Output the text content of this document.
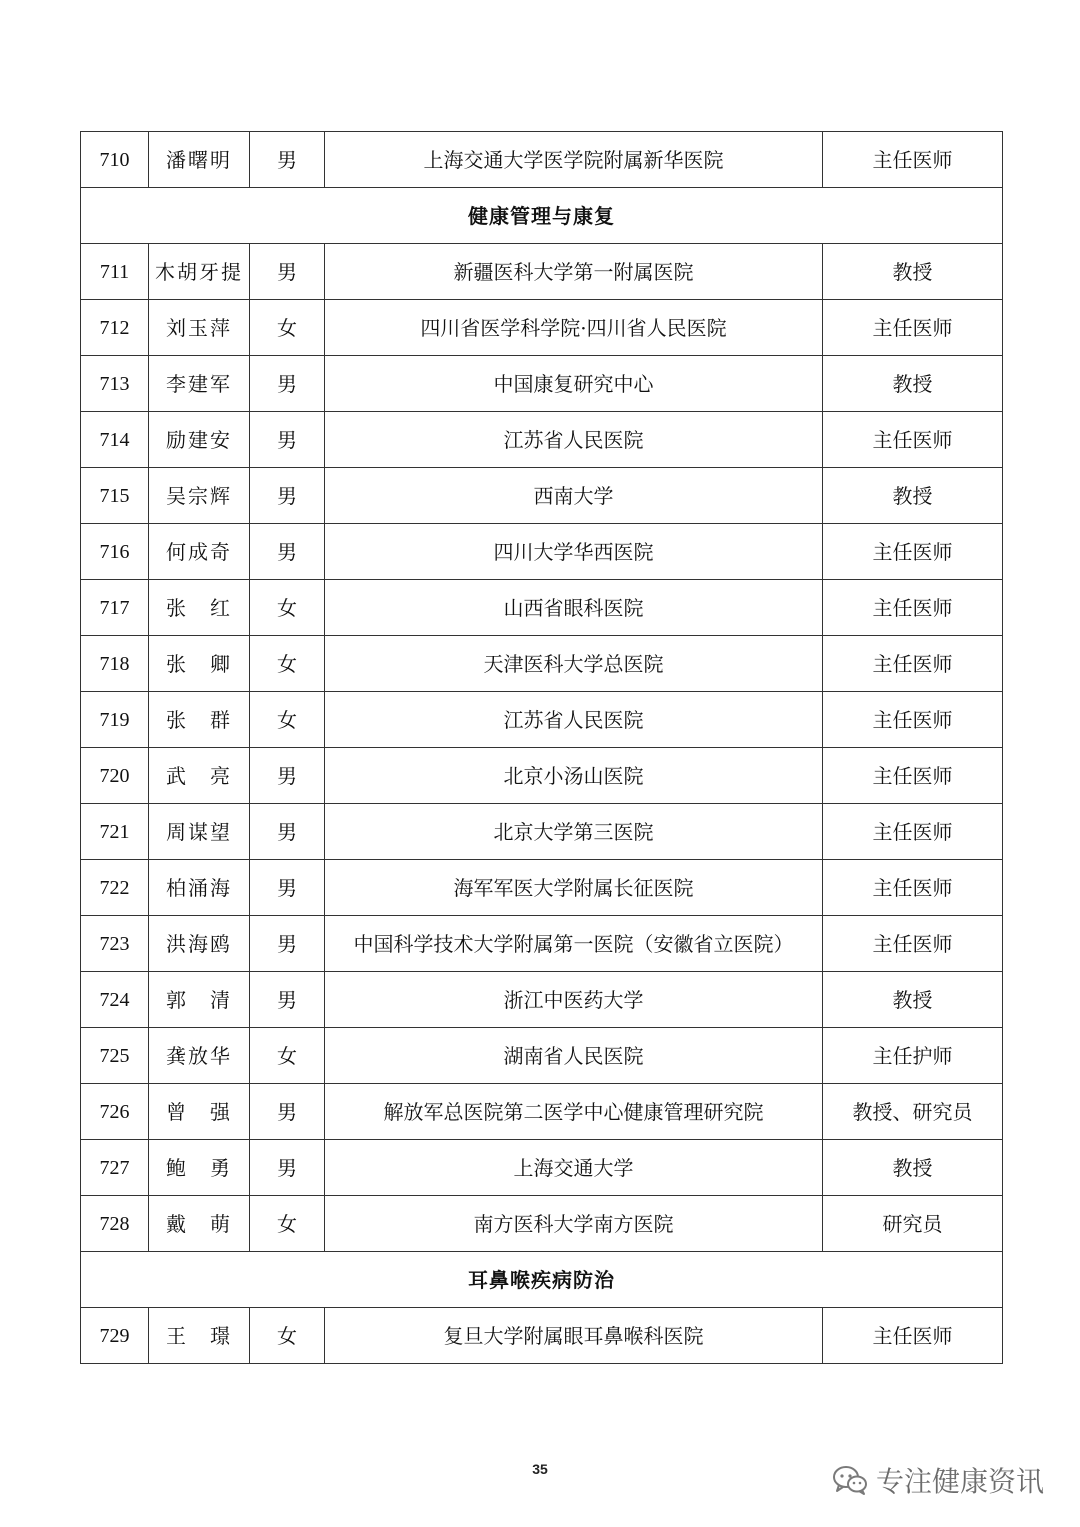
710	潘曙明	男	上海交通大学医学院附属新华医院	主任医师
健康管理与康复				
711	木胡牙提	男	新疆医科大学第一附属医院	教授
712	刘玉萍	女	四川省医学科学院·四川省人民医院	主任医师
713	李建军	男	中国康复研究中心	教授
714	励建安	男	江苏省人民医院	主任医师
715	吴宗辉	男	西南大学	教授
716	何成奇	男	四川大学华西医院	主任医师
717	张　红	女	山西省眼科医院	主任医师
718	张　卿	女	天津医科大学总医院	主任医师
719	张　群	女	江苏省人民医院	主任医师
720	武　亮	男	北京小汤山医院	主任医师
721	周谋望	男	北京大学第三医院	主任医师
722	柏涌海	男	海军军医大学附属长征医院	主任医师
723	洪海鸥	男	中国科学技术大学附属第一医院（安徽省立医院）	主任医师
724	郭　清	男	浙江中医药大学	教授
725	龚放华	女	湖南省人民医院	主任护师
726	曾　强	男	解放军总医院第二医学中心健康管理研究院	教授、研究员
727	鲍　勇	男	上海交通大学	教授
728	戴　萌	女	南方医科大学南方医院	研究员
耳鼻喉疾病防治				
729	王　璟	女	复旦大学附属眼耳鼻喉科医院	主任医师
35	专注健康资讯
